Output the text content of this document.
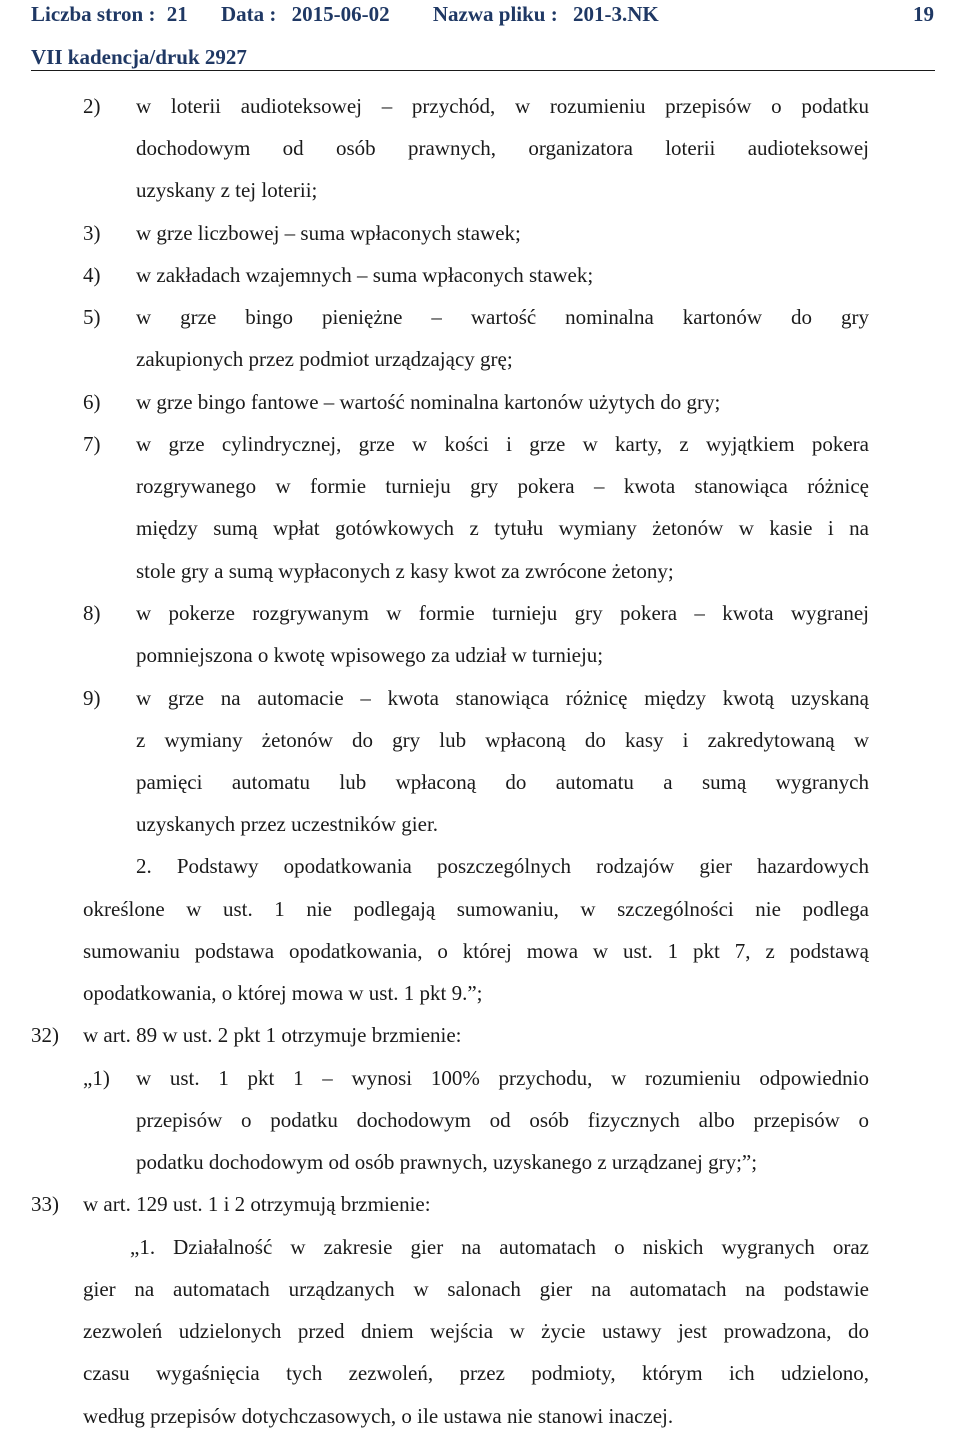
Liczba stron : 21 Data : 2015-06-02 Nazwa pliku : 201-3.NK	19
VII kadencja/druk 2927
2) w loterii audioteksowej – przychód, w rozumieniu przepisów o podatku
dochodowym od osób prawnych, organizatora loterii audioteksowej
uzyskany z tej loterii;
3) w grze liczbowej – suma wpłaconych stawek;
4) w zakładach wzajemnych – suma wpłaconych stawek;
5) w grze bingo pieniężne – wartość nominalna kartonów do gry
zakupionych przez podmiot urządzający grę;
6) w grze bingo fantowe – wartość nominalna kartonów użytych do gry;
7) w grze cylindrycznej, grze w kości i grze w karty, z wyjątkiem pokera
rozgrywanego w formie turnieju gry pokera – kwota stanowiąca różnicę
między sumą wpłat gotówkowych z tytułu wymiany żetonów w kasie i na
stole gry a sumą wypłaconych z kasy kwot za zwrócone żetony;
8) w pokerze rozgrywanym w formie turnieju gry pokera – kwota wygranej
pomniejszona o kwotę wpisowego za udział w turnieju;
9) w grze na automacie – kwota stanowiąca różnicę między kwotą uzyskaną
z wymiany żetonów do gry lub wpłaconą do kasy i zakredytowaną w
pamięci automatu lub wpłaconą do automatu a sumą wygranych
uzyskanych przez uczestników gier.
2. Podstawy opodatkowania poszczególnych rodzajów gier hazardowych
określone w ust. 1 nie podlegają sumowaniu, w szczególności nie podlega
sumowaniu podstawa opodatkowania, o której mowa w ust. 1 pkt 7, z podstawą
opodatkowania, o której mowa w ust. 1 pkt 9.”;
32) w art. 89 w ust. 2 pkt 1 otrzymuje brzmienie:
„1) w ust. 1 pkt 1 – wynosi 100% przychodu, w rozumieniu odpowiednio
przepisów o podatku dochodowym od osób fizycznych albo przepisów o
podatku dochodowym od osób prawnych, uzyskanego z urządzanej gry;”;
33) w art. 129 ust. 1 i 2 otrzymują brzmienie:
„1. Działalność w zakresie gier na automatach o niskich wygranych oraz
gier na automatach urządzanych w salonach gier na automatach na podstawie
zezwoleń udzielonych przed dniem wejścia w życie ustawy jest prowadzona, do
czasu wygaśnięcia tych zezwoleń, przez podmioty, którym ich udzielono,
według przepisów dotychczasowych, o ile ustawa nie stanowi inaczej.
